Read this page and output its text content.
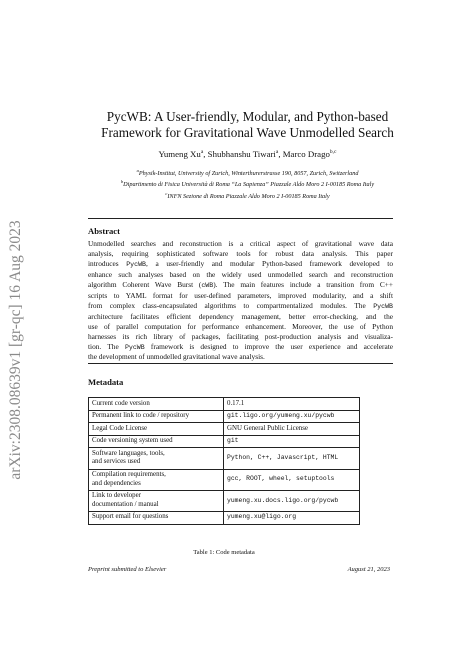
arXiv:2308.08639v1 [gr-qc] 16 Aug 2023
PycWB: A User-friendly, Modular, and Python-based
Framework for Gravitational Wave Unmodelled Search
Yumeng Xu$^a$, Shubhanshu Tiwari$^a$, Marco Drago$^{b,c}$
$^a$Physik-Institut, University of Zurich, Winterthurerstrasse 190, 8057, Zurich, Switzerland
$^b$Dipartimento di Fisica Università di Roma “La Sapienza” Piazzale Aldo Moro 2 I-00185 Roma Italy
$^c$INFN Sezione di Roma Piazzale Aldo Moro 2 I-00185 Roma Italy
Abstract

Unmodelled searches and reconstruction is a critical aspect of gravitational wave data

analysis, requiring sophisticated software tools for robust data analysis. This paper

introduces PycWB, a user-friendly and modular Python-based framework developed to

enhance such analyses based on the widely used unmodelled search and reconstruction

algorithm Coherent Wave Burst (cWB). The main features include a transition from C++

scripts to YAML format for user-defined parameters, improved modularity, and a shift

from complex class-encapsulated algorithms to compartmentalized modules. The PycWB

architecture facilitates efficient dependency management, better error-checking, and the

use of parallel computation for performance enhancement. Moreover, the use of Python

harnesses its rich library of packages, facilitating post-production analysis and visualiza-

tion. The PycWB framework is designed to improve the user experience and accelerate

the development of unmodelled gravitational wave analysis.

Metadata
Current code version	0.17.1
Permanent link to code / repository	git.ligo.org/yumeng.xu/pycwb
Legal Code License	GNU General Public License
Code versioning system used	git

Software languages, tools,
and services used	Python, C++, Javascript, HTML

Compilation requirements,
and dependencies	gcc, ROOT, wheel, setuptools

Link to developer
documentation / manual	yumeng.xu.docs.ligo.org/pycwb
Support email for questions	yumeng.xu@ligo.org
Table 1: Code metadata
Preprint submitted to Elsevier	August 21, 2023
